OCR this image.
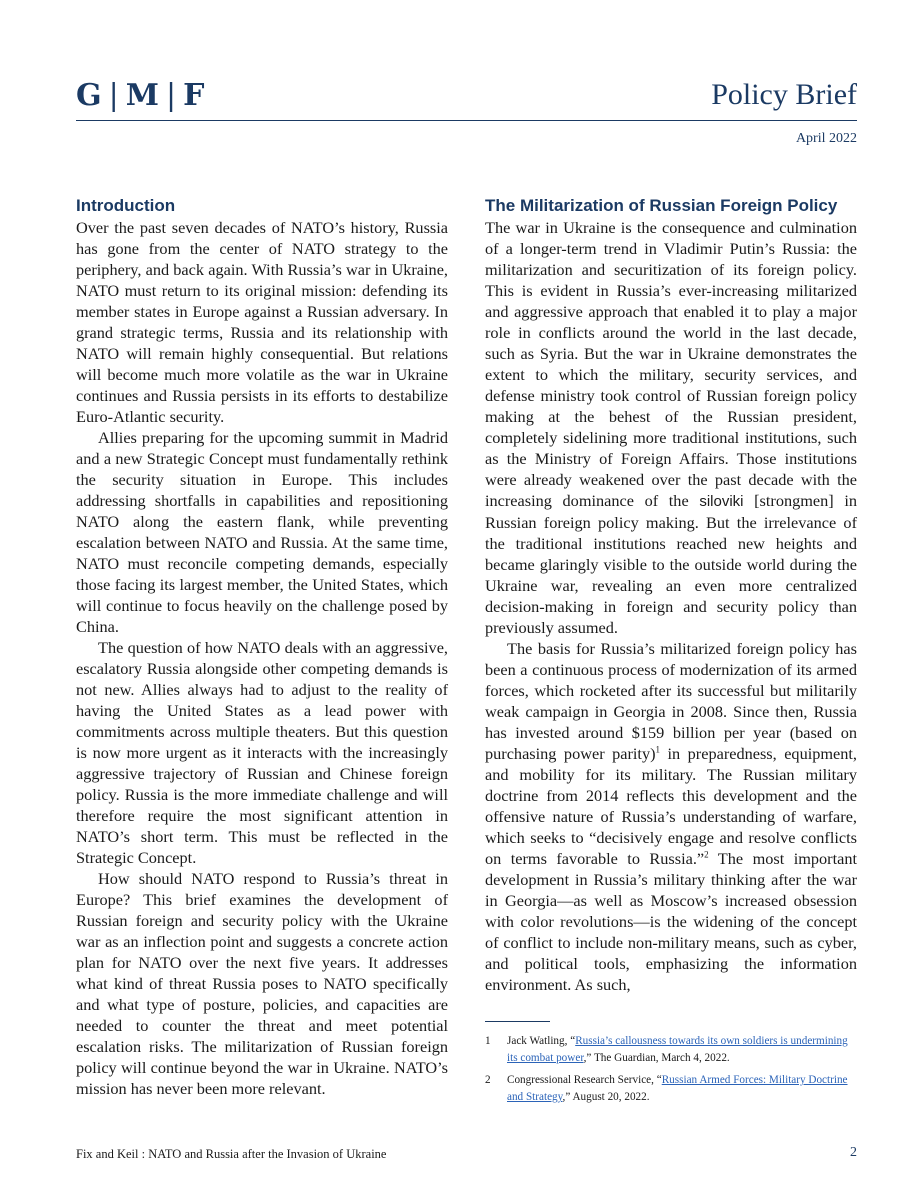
G | M | F	Policy Brief
April 2022
Introduction

Over the past seven decades of NATO’s history, Russia has gone from the center of NATO strategy to the periphery, and back again. With Russia’s war in Ukraine, NATO must return to its original mission: defending its member states in Europe against a Russian adversary. In grand strategic terms, Russia and its relationship with NATO will remain highly consequential. But relations will become much more volatile as the war in Ukraine continues and Russia persists in its efforts to destabilize Euro-Atlantic security.

Allies preparing for the upcoming summit in Madrid and a new Strategic Concept must fundamentally rethink the security situation in Europe. This includes addressing shortfalls in capabilities and repositioning NATO along the eastern flank, while preventing escalation between NATO and Russia. At the same time, NATO must reconcile competing demands, especially those facing its largest member, the United States, which will continue to focus heavily on the challenge posed by China.

The question of how NATO deals with an aggressive, escalatory Russia alongside other competing demands is not new. Allies always had to adjust to the reality of having the United States as a lead power with commitments across multiple theaters. But this question is now more urgent as it interacts with the increasingly aggressive trajectory of Russian and Chinese foreign policy. Russia is the more immediate challenge and will therefore require the most significant attention in NATO’s short term. This must be reflected in the Strategic Concept.

How should NATO respond to Russia’s threat in Europe? This brief examines the development of Russian foreign and security policy with the Ukraine war as an inflection point and suggests a concrete action plan for NATO over the next five years. It addresses what kind of threat Russia poses to NATO specifically and what type of posture, policies, and capacities are needed to counter the threat and meet potential escalation risks. The militarization of Russian foreign policy will continue beyond the war in Ukraine. NATO’s mission has never been more relevant.

The Militarization of Russian Foreign Policy

The war in Ukraine is the consequence and culmination of a longer-term trend in Vladimir Putin’s Russia: the militarization and securitization of its foreign policy. This is evident in Russia’s ever-increasing militarized and aggressive approach that enabled it to play a major role in conflicts around the world in the last decade, such as Syria. But the war in Ukraine demonstrates the extent to which the military, security services, and defense ministry took control of Russian foreign policy making at the behest of the Russian president, completely sidelining more traditional institutions, such as the Ministry of Foreign Affairs. Those institutions were already weakened over the past decade with the increasing dominance of the siloviki [strongmen] in Russian foreign policy making. But the irrelevance of the traditional institutions reached new heights and became glaringly visible to the outside world during the Ukraine war, revealing an even more centralized decision-making in foreign and security policy than previously assumed.

The basis for Russia’s militarized foreign policy has been a continuous process of modernization of its armed forces, which rocketed after its successful but militarily weak campaign in Georgia in 2008. Since then, Russia has invested around $159 billion per year (based on purchasing power parity)$^1$ in preparedness, equipment, and mobility for its military. The Russian military doctrine from 2014 reflects this development and the offensive nature of Russia’s understanding of warfare, which seeks to “decisively engage and resolve conflicts on terms favorable to Russia.”$^2$ The most important development in Russia’s military thinking after the war in Georgia—as well as Moscow’s increased obsession with color revolutions—is the widening of the concept of conflict to include non-military means, such as cyber, and political tools, emphasizing the information environment. As such,

1	Jack Watling, “Russia’s callousness towards its own soldiers is undermining its combat power,” The Guardian, March 4, 2022.
2	Congressional Research Service, “Russian Armed Forces: Military Doctrine and Strategy,” August 20, 2022.
Fix and Keil : NATO and Russia after the Invasion of Ukraine	2
